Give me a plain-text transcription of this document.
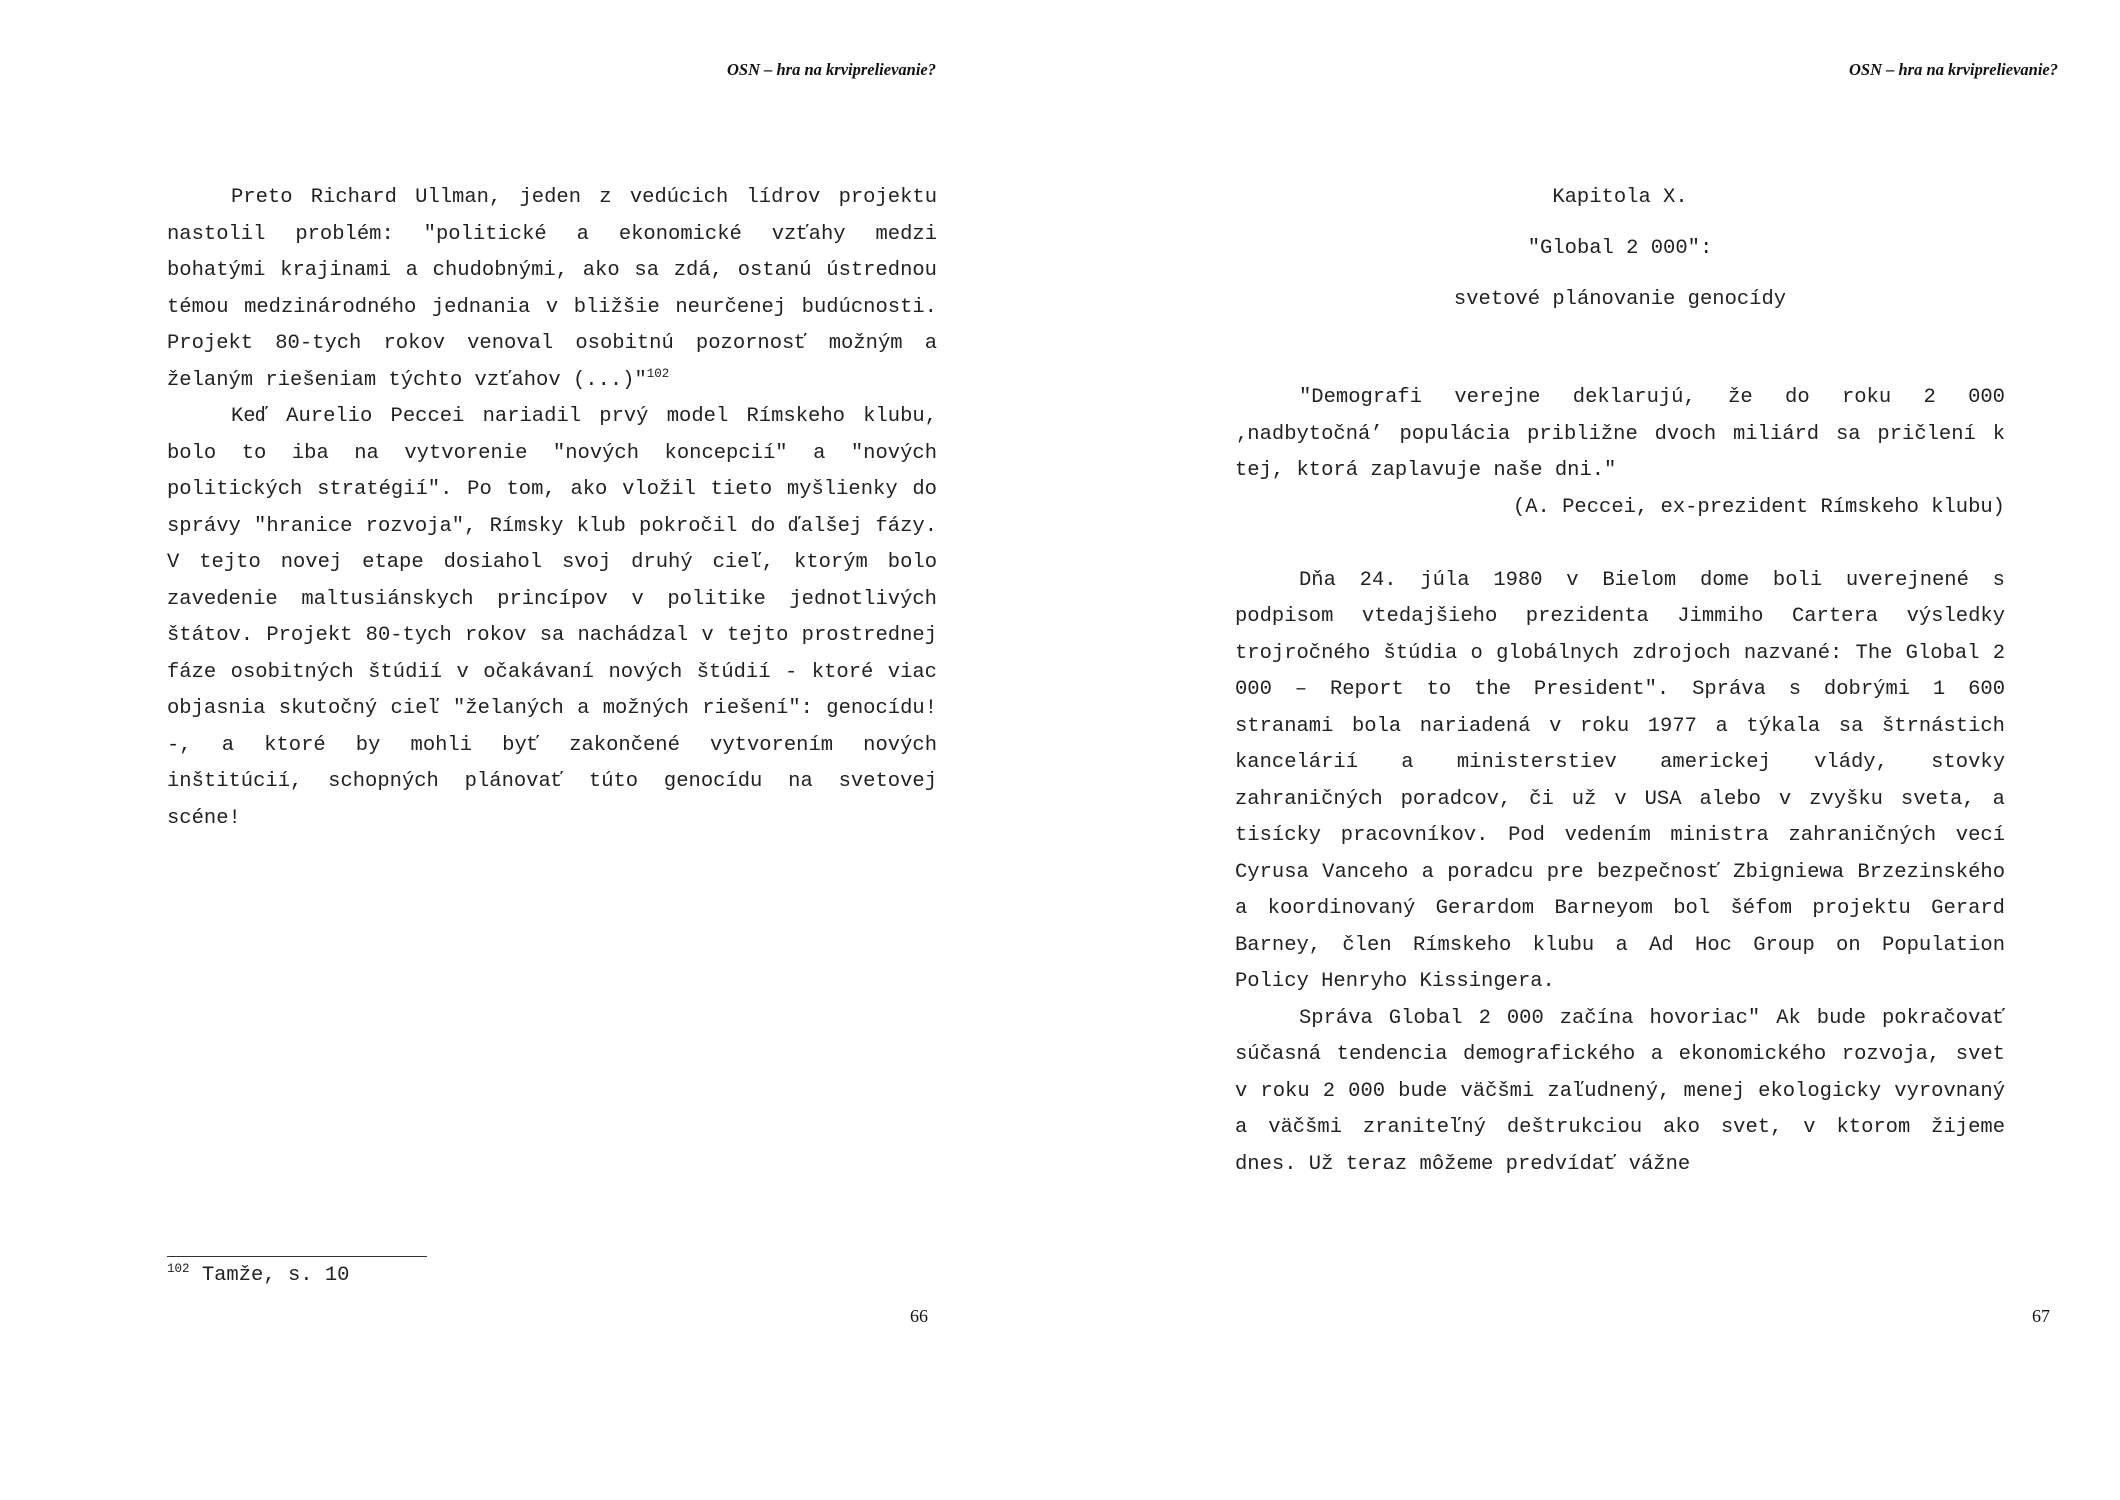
OSN – hra na krviprelievanie?

Preto Richard Ullman, jeden z vedúcich lídrov projektu nastolil problém: "politické a ekonomické vzťahy medzi bohatými krajinami a chudobnými, ako sa zdá, ostanú ústrednou témou medzinárodného jednania v bližšie neurčenej budúcnosti. Projekt 80-tych rokov venoval osobitnú pozornosť možným a želaným riešeniam týchto vzťahov (...)"$^{102}$

Keď Aurelio Peccei nariadil prvý model Rímskeho klubu, bolo to iba na vytvorenie "nových koncepcií" a "nových politických stratégií". Po tom, ako vložil tieto myšlienky do správy "hranice rozvoja", Rímsky klub pokročil do ďalšej fázy. V tejto novej etape dosiahol svoj druhý cieľ, ktorým bolo zavedenie maltusiánskych princípov v politike jednotlivých štátov. Projekt 80-tych rokov sa nachádzal v tejto prostrednej fáze osobitných štúdií v očakávaní nových štúdií - ktoré viac objasnia skutočný cieľ "želaných a možných riešení": genocídu! -, a ktoré by mohli byť zakončené vytvorením nových inštitúcií, schopných plánovať túto genocídu na svetovej scéne!

$^{102}$ Tamže, s. 10
66
OSN – hra na krviprelievanie?
Kapitola X.
"Global 2 000":
svetové plánovanie genocídy

"Demografi verejne deklarujú, že do roku 2 000 ‚nadbytočná’ populácia približne dvoch miliárd sa pričlení k tej, ktorá zaplavuje naše dni."

(A. Peccei, ex-prezident Rímskeho klubu)

Dňa 24. júla 1980 v Bielom dome boli uverejnené s podpisom vtedajšieho prezidenta Jimmiho Cartera výsledky trojročného štúdia o globálnych zdrojoch nazvané: The Global 2 000 – Report to the President". Správa s dobrými 1 600 stranami bola nariadená v roku 1977 a týkala sa štrnástich kancelárií a ministerstiev americkej vlády, stovky zahraničných poradcov, či už v USA alebo v zvyšku sveta, a tisícky pracovníkov. Pod vedením ministra zahraničných vecí Cyrusa Vanceho a poradcu pre bezpečnosť Zbigniewa Brzezinského a koordinovaný Gerardom Barneyom bol šéfom projektu Gerard Barney, člen Rímskeho klubu a Ad Hoc Group on Population Policy Henryho Kissingera.

Správa Global 2 000 začína hovoriac" Ak bude pokračovať súčasná tendencia demografického a ekonomického rozvoja, svet v roku 2 000 bude väčšmi zaľudnený, menej ekologicky vyrovnaný a väčšmi zraniteľný deštrukciou ako svet, v ktorom žijeme dnes. Už teraz môžeme predvídať vážne

67
